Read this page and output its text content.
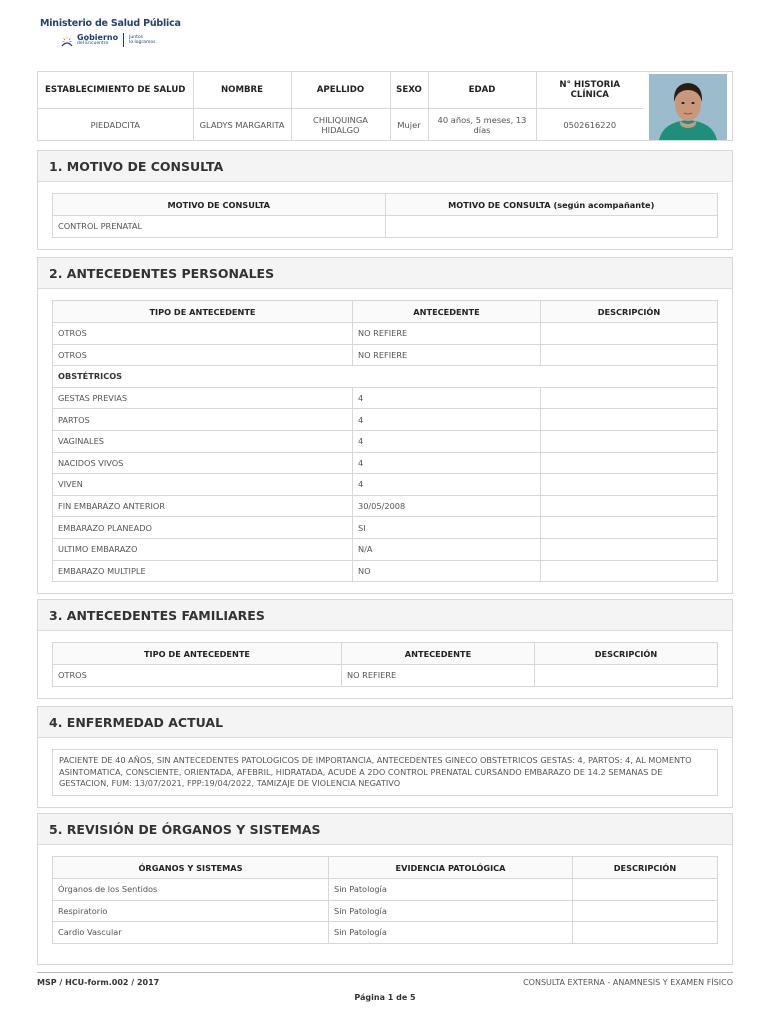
Ministerio de Salud Pública
Gobierno
del Encuentro
Juntos
lo logramos
ESTABLECIMIENTO DE SALUD	NOMBRE	APELLIDO	SEXO	EDAD	N° HISTORIA CLÍNICA
PIEDADCITA	GLADYS MARGARITA	CHILIQUINGA HIDALGO	Mujer	40 años, 5 meses, 13 días	0502616220
1. MOTIVO DE CONSULTA
MOTIVO DE CONSULTA	MOTIVO DE CONSULTA (según acompañante)
CONTROL PRENATAL	
2. ANTECEDENTES PERSONALES
TIPO DE ANTECEDENTE	ANTECEDENTE	DESCRIPCIÓN
OTROS	NO REFIERE	
OTROS	NO REFIERE	
OBSTÉTRICOS		
GESTAS PREVIAS	4	
PARTOS	4	
VAGINALES	4	
NACIDOS VIVOS	4	
VIVEN	4	
FIN EMBARAZO ANTERIOR	30/05/2008	
EMBARAZO PLANEADO	SI	
ULTIMO EMBARAZO	N/A	
EMBARAZO MULTIPLE	NO	
3. ANTECEDENTES FAMILIARES
TIPO DE ANTECEDENTE	ANTECEDENTE	DESCRIPCIÓN
OTROS	NO REFIERE	
4. ENFERMEDAD ACTUAL
PACIENTE DE 40 AÑOS, SIN ANTECEDENTES PATOLOGICOS DE IMPORTANCIA, ANTECEDENTES GINECO OBSTETRICOS GESTAS: 4, PARTOS: 4, AL MOMENTO ASINTOMATICA, CONSCIENTE, ORIENTADA, AFEBRIL, HIDRATADA, ACUDE A 2DO CONTROL PRENATAL CURSANDO EMBARAZO DE 14.2 SEMANAS DE GESTACION, FUM: 13/07/2021, FPP:19/04/2022, TAMIZAJE DE VIOLENCIA NEGATIVO
5. REVISIÓN DE ÓRGANOS Y SISTEMAS
ÓRGANOS Y SISTEMAS	EVIDENCIA PATOLÓGICA	DESCRIPCIÓN
Órganos de los Sentidos	Sin Patología	
Respiratorio	Sin Patología	
Cardio Vascular	Sin Patología	
MSP / HCU-form.002 / 2017	CONSULTA EXTERNA - ANAMNESIS Y EXAMEN FÍSICO
Página 1 de 5
